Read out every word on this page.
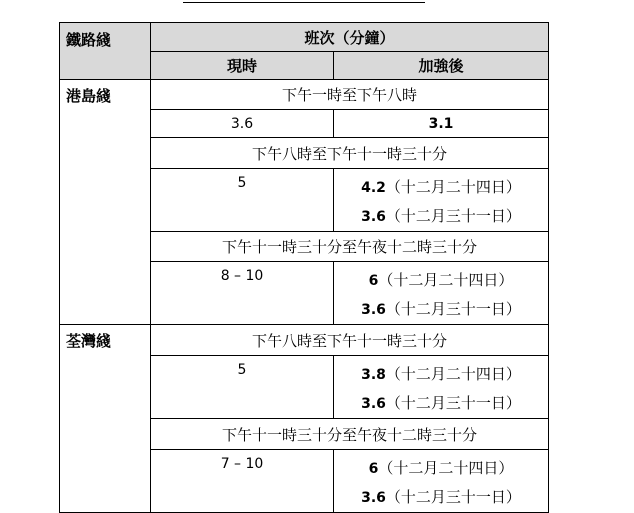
鐵路綫	班次（分鐘）	
	現時	加強後
港島綫	下午一時至下午八時	
	3.6	3.1
	下午八時至下午十一時三十分	
	5	4.2（十二月二十四日）
3.6（十二月三十一日）

	下午十一時三十分至午夜十二時三十分	
	8 – 10	6（十二月二十四日）
3.6（十二月三十一日）

荃灣綫	下午八時至下午十一時三十分	
	5	3.8（十二月二十四日）
3.6（十二月三十一日）

	下午十一時三十分至午夜十二時三十分	
	7 – 10	6（十二月二十四日）
3.6（十二月三十一日）
